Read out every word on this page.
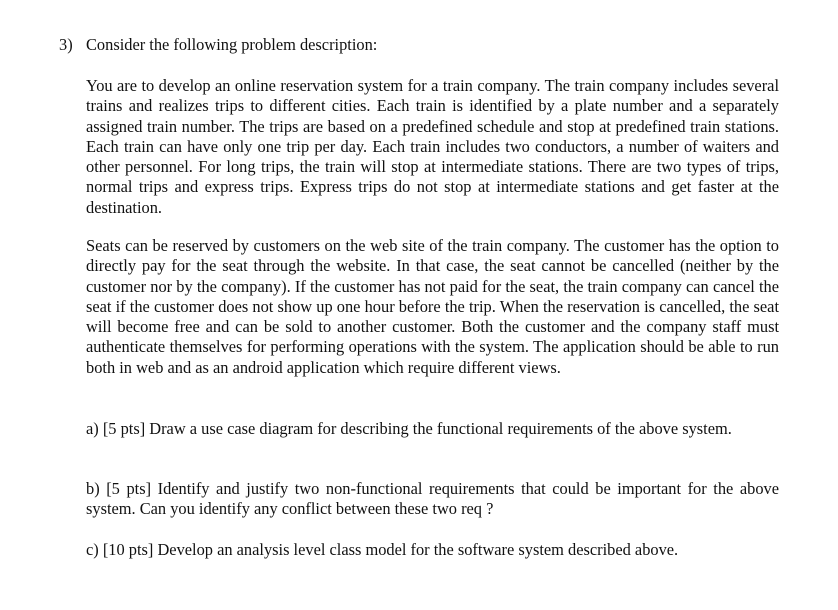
3) Consider the following problem description:

You are to develop an online reservation system for a train company. The train company includes several trains and realizes trips to different cities. Each train is identified by a plate number and a separately assigned train number. The trips are based on a predefined schedule and stop at predefined train stations. Each train can have only one trip per day. Each train includes two conductors, a number of waiters and other personnel. For long trips, the train will stop at intermediate stations. There are two types of trips, normal trips and express trips. Express trips do not stop at intermediate stations and get faster at the destination.

Seats can be reserved by customers on the web site of the train company. The customer has the option to directly pay for the seat through the website. In that case, the seat cannot be cancelled (neither by the customer nor by the company). If the customer has not paid for the seat, the train company can cancel the seat if the customer does not show up one hour before the trip. When the reservation is cancelled, the seat will become free and can be sold to another customer. Both the customer and the company staff must authenticate themselves for performing operations with the system. The application should be able to run both in web and as an android application which require different views.

a) [5 pts] Draw a use case diagram for describing the functional requirements of the above system.

b) [5 pts] Identify and justify two non-functional requirements that could be important for the above system. Can you identify any conflict between these two req ?

c) [10 pts] Develop an analysis level class model for the software system described above.
